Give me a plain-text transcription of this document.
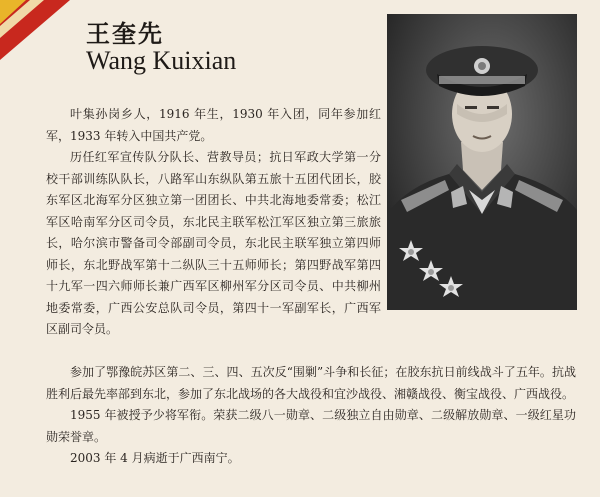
王奎先
Wang Kuixian

叶集孙岗乡人，1916 年生，1930 年入团，同年参加红军，1933 年转入中国共产党。

历任红军宣传队分队长、营教导员；抗日军政大学第一分校干部训练队队长，八路军山东纵队第五旅十五团代团长，胶东军区北海军分区独立第一团团长、中共北海地委常委；松江军区哈南军分区司令员，东北民主联军松江军区独立第三旅旅长，哈尔滨市警备司令部副司令员，东北民主联军独立第四师师长，东北野战军第十二纵队三十五师师长；第四野战军第四十九军一四六师师长兼广西军区柳州军分区司令员、中共柳州地委常委，广西公安总队司令员，第四十一军副军长，广西军区副司令员。

参加了鄂豫皖苏区第二、三、四、五次反“围剿”斗争和长征；在胶东抗日前线战斗了五年。抗战胜利后最先率部到东北，参加了东北战场的各大战役和宜沙战役、湘赣战役、衡宝战役、广西战役。

1955 年被授予少将军衔。荣获二级八一勋章、二级独立自由勋章、二级解放勋章、一级红星功勋荣誉章。

2003 年 4 月病逝于广西南宁。
